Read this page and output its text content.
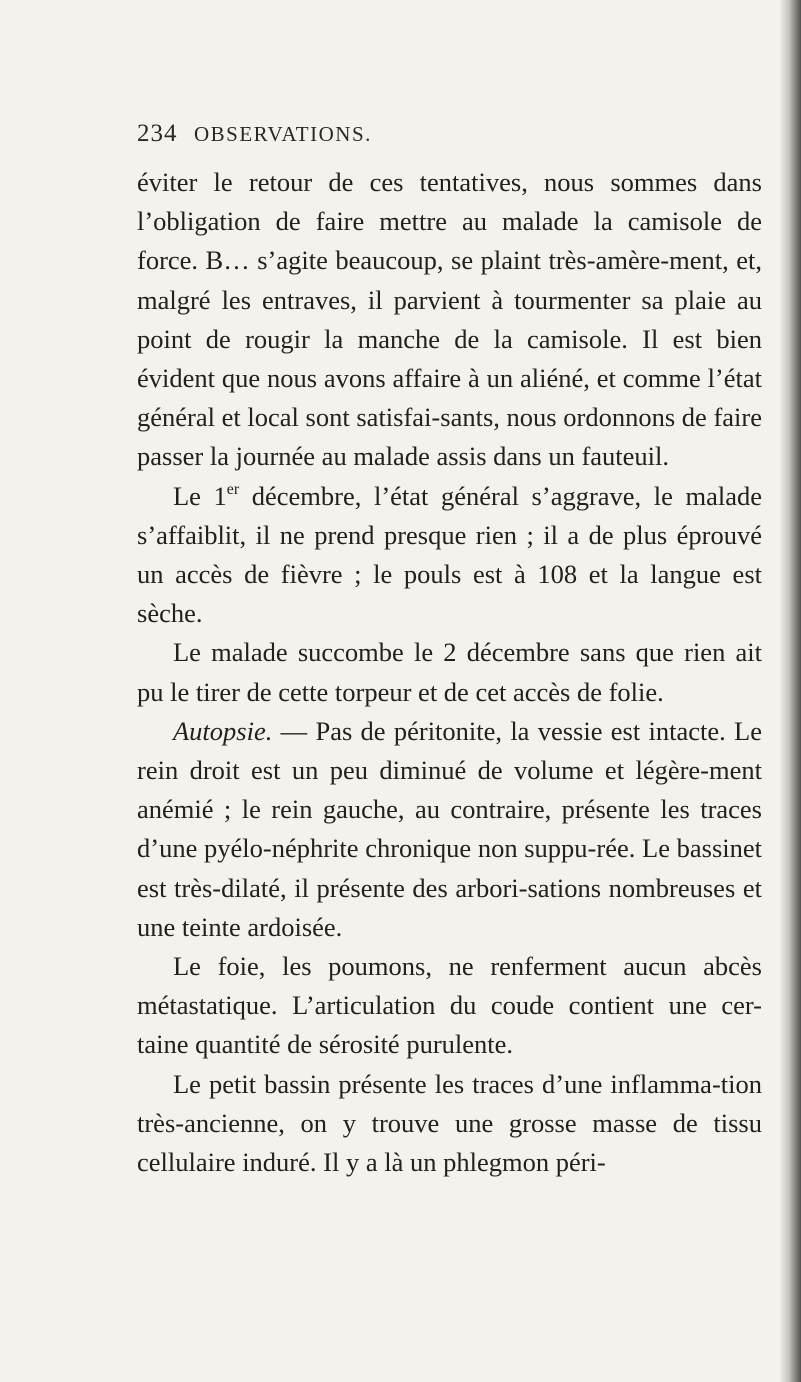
234 OBSERVATIONS.

éviter le retour de ces tentatives, nous sommes dans l’obligation de faire mettre au malade la camisole de force. B… s’agite beaucoup, se plaint très-amère-ment, et, malgré les entraves, il parvient à tourmenter sa plaie au point de rougir la manche de la camisole. Il est bien évident que nous avons affaire à un aliéné, et comme l’état général et local sont satisfai-sants, nous ordonnons de faire passer la journée au malade assis dans un fauteuil.

Le 1er décembre, l’état général s’aggrave, le malade s’affaiblit, il ne prend presque rien ; il a de plus éprouvé un accès de fièvre ; le pouls est à 108 et la langue est sèche.

Le malade succombe le 2 décembre sans que rien ait pu le tirer de cette torpeur et de cet accès de folie.

Autopsie. — Pas de péritonite, la vessie est intacte. Le rein droit est un peu diminué de volume et légère-ment anémié ; le rein gauche, au contraire, présente les traces d’une pyélo-néphrite chronique non suppu-rée. Le bassinet est très-dilaté, il présente des arbori-sations nombreuses et une teinte ardoisée.

Le foie, les poumons, ne renferment aucun abcès métastatique. L’articulation du coude contient une cer-taine quantité de sérosité purulente.

Le petit bassin présente les traces d’une inflamma-tion très-ancienne, on y trouve une grosse masse de tissu cellulaire induré. Il y a là un phlegmon péri-
